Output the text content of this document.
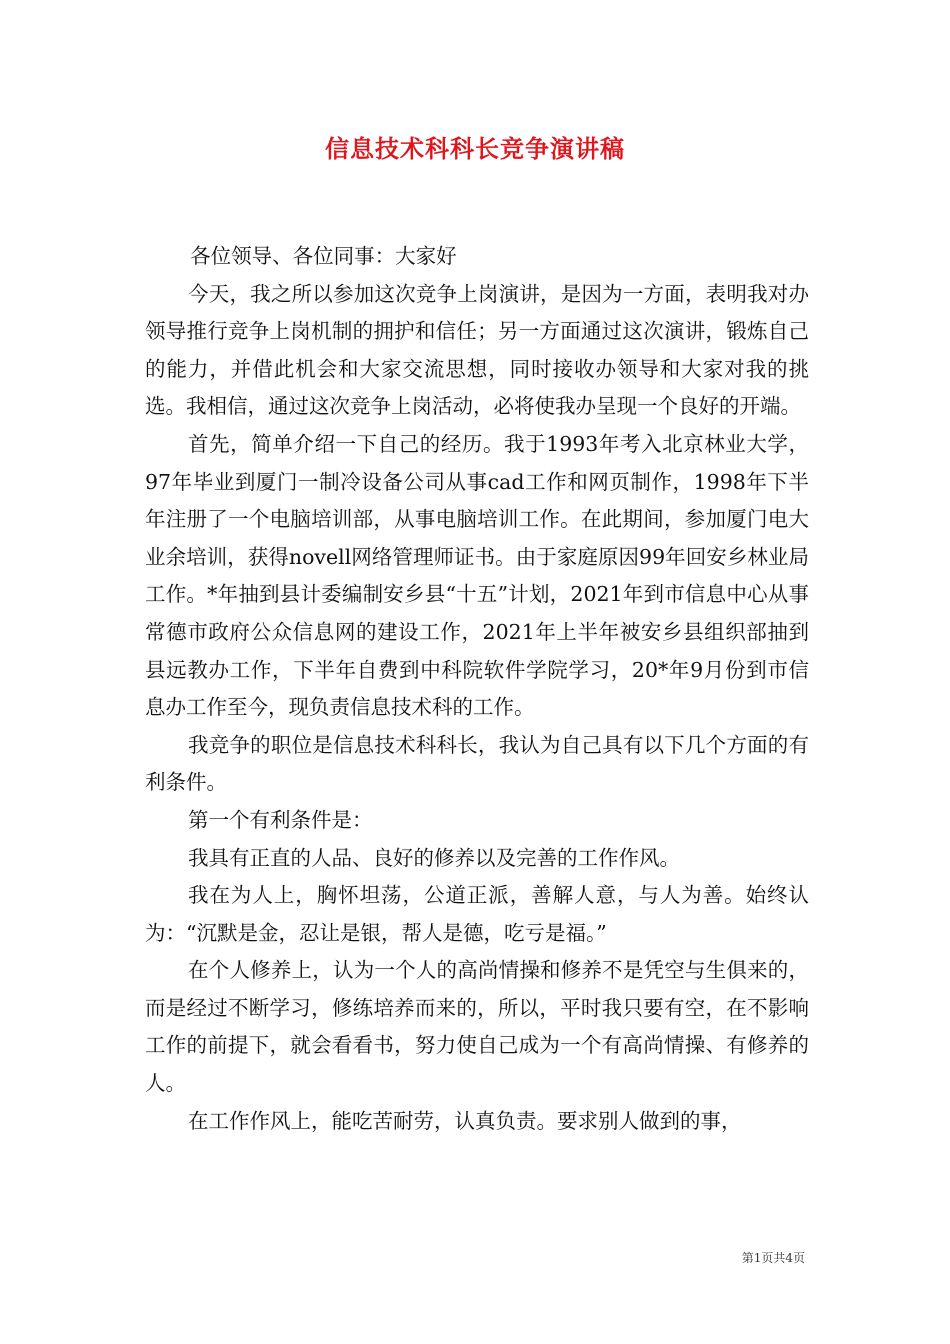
信息技术科科长竞争演讲稿

各位领导、各位同事：大家好

今天，我之所以参加这次竞争上岗演讲，是因为一方面，表明我对办领导推行竞争上岗机制的拥护和信任；另一方面通过这次演讲，锻炼自己的能力，并借此机会和大家交流思想，同时接收办领导和大家对我的挑选。我相信，通过这次竞争上岗活动，必将使我办呈现一个良好的开端。

首先，简单介绍一下自己的经历。我于1993年考入北京林业大学，97年毕业到厦门一制冷设备公司从事cad工作和网页制作，1998年下半年注册了一个电脑培训部，从事电脑培训工作。在此期间，参加厦门电大业余培训，获得novell网络管理师证书。由于家庭原因99年回安乡林业局工作。*年抽到县计委编制安乡县“十五”计划，2021年到市信息中心从事常德市政府公众信息网的建设工作，2021年上半年被安乡县组织部抽到县远教办工作，下半年自费到中科院软件学院学习，20*年9月份到市信息办工作至今，现负责信息技术科的工作。

我竞争的职位是信息技术科科长，我认为自己具有以下几个方面的有利条件。

第一个有利条件是：

我具有正直的人品、良好的修养以及完善的工作作风。

我在为人上，胸怀坦荡，公道正派，善解人意，与人为善。始终认为：“沉默是金，忍让是银，帮人是德，吃亏是福。”

在个人修养上，认为一个人的高尚情操和修养不是凭空与生俱来的，而是经过不断学习，修练培养而来的，所以，平时我只要有空，在不影响工作的前提下，就会看看书，努力使自己成为一个有高尚情操、有修养的人。

在工作作风上，能吃苦耐劳，认真负责。要求别人做到的事，

第1页共4页
